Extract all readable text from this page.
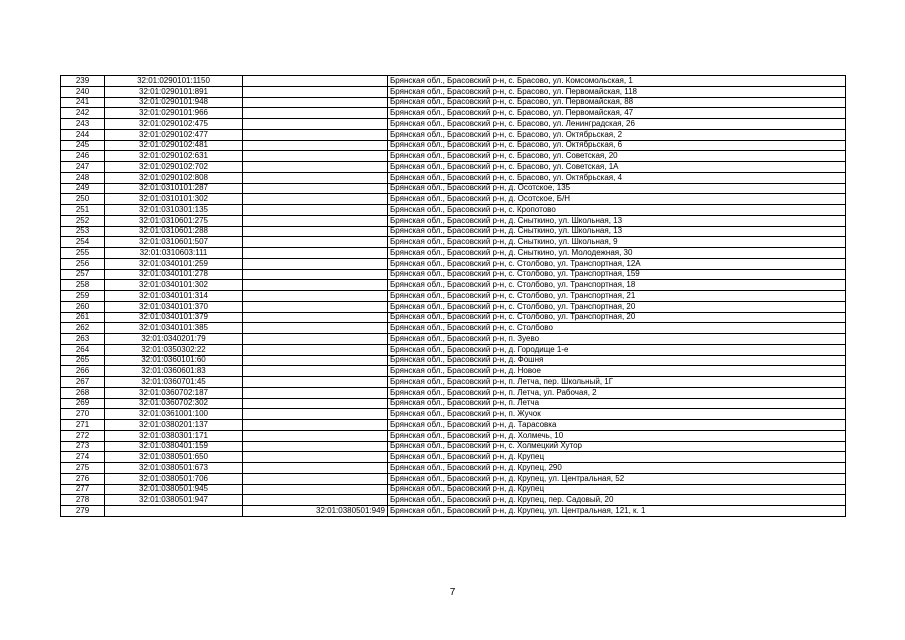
239	32:01:0290101:1150		Брянская обл., Брасовский р-н, с. Брасово, ул. Комсомольская, 1
240	32:01:0290101:891		Брянская обл., Брасовский р-н, с. Брасово, ул. Первомайская, 118
241	32:01:0290101:948		Брянская обл., Брасовский р-н, с. Брасово, ул. Первомайская, 88
242	32:01:0290101:966		Брянская обл., Брасовский р-н, с. Брасово, ул. Первомайская, 47
243	32:01:0290102:475		Брянская обл., Брасовский р-н, с. Брасово, ул. Ленинградская, 26
244	32:01:0290102:477		Брянская обл., Брасовский р-н, с. Брасово, ул. Октябрьская, 2
245	32:01:0290102:481		Брянская обл., Брасовский р-н, с. Брасово, ул. Октябрьская, 6
246	32:01:0290102:631		Брянская обл., Брасовский р-н, с. Брасово, ул. Советская, 20
247	32:01:0290102:702		Брянская обл., Брасовский р-н, с. Брасово, ул. Советская, 1А
248	32:01:0290102:808		Брянская обл., Брасовский р-н, с. Брасово, ул. Октябрьская, 4
249	32:01:0310101:287		Брянская обл., Брасовский р-н, д. Осотское, 135
250	32:01:0310101:302		Брянская обл., Брасовский р-н, д. Осотское, Б/Н
251	32:01:0310301:135		Брянская обл., Брасовский р-н, с. Кропотово
252	32:01:0310601:275		Брянская обл., Брасовский р-н, д. Сныткино, ул. Школьная, 13
253	32:01:0310601:288		Брянская обл., Брасовский р-н, д. Сныткино, ул. Школьная, 13
254	32:01:0310601:507		Брянская обл., Брасовский р-н, д. Сныткино, ул. Школьная, 9
255	32:01:0310603:111		Брянская обл., Брасовский р-н, д. Сныткино, ул. Молодежная, 30
256	32:01:0340101:259		Брянская обл., Брасовский р-н, с. Столбово, ул. Транспортная, 12А
257	32:01:0340101:278		Брянская обл., Брасовский р-н, с. Столбово, ул. Транспортная, 159
258	32:01:0340101:302		Брянская обл., Брасовский р-н, с. Столбово, ул. Транспортная, 18
259	32:01:0340101:314		Брянская обл., Брасовский р-н, с. Столбово, ул. Транспортная, 21
260	32:01:0340101:370		Брянская обл., Брасовский р-н, с. Столбово, ул. Транспортная, 20
261	32:01:0340101:379		Брянская обл., Брасовский р-н, с. Столбово, ул. Транспортная, 20
262	32:01:0340101:385		Брянская обл., Брасовский р-н, с. Столбово
263	32:01:0340201:79		Брянская обл., Брасовский р-н, п. Зуево
264	32:01:0350302:22		Брянская обл., Брасовский р-н, д. Городище 1-е
265	32:01:0360101:60		Брянская обл., Брасовский р-н, д. Фошня
266	32:01:0360601:83		Брянская обл., Брасовский р-н, д. Новое
267	32:01:0360701:45		Брянская обл., Брасовский р-н, п. Летча, пер. Школьный, 1Г
268	32:01:0360702:187		Брянская обл., Брасовский р-н, п. Летча, ул. Рабочая, 2
269	32:01:0360702:302		Брянская обл., Брасовский р-н, п. Летча
270	32:01:0361001:100		Брянская обл., Брасовский р-н, п. Жучок
271	32:01:0380201:137		Брянская обл., Брасовский р-н, д. Тарасовка
272	32:01:0380301:171		Брянская обл., Брасовский р-н, д. Холмечь, 10
273	32:01:0380401:159		Брянская обл., Брасовский р-н, с. Холмецкий Хутор
274	32:01:0380501:650		Брянская обл., Брасовский р-н, д. Крупец
275	32:01:0380501:673		Брянская обл., Брасовский р-н, д. Крупец, 290
276	32:01:0380501:706		Брянская обл., Брасовский р-н, д. Крупец, ул. Центральная, 52
277	32:01:0380501:945		Брянская обл., Брасовский р-н, д. Крупец
278	32:01:0380501:947		Брянская обл., Брасовский р-н, д. Крупец, пер. Садовый, 20
279		32:01:0380501:949	Брянская обл., Брасовский р-н, д. Крупец, ул. Центральная, 121, к. 1
7
